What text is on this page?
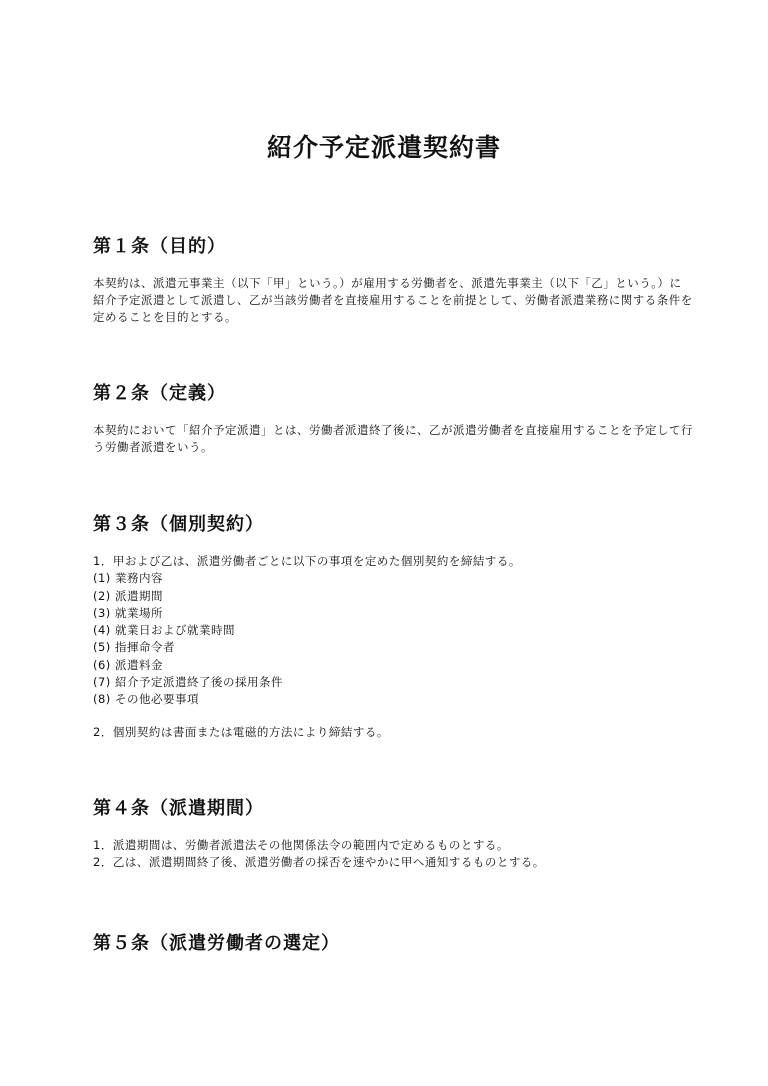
紹介予定派遣契約書
第１条（目的）

本契約は、派遣元事業主（以下「甲」という。）が雇用する労働者を、派遣先事業主（以下「乙」という。）に紹介予定派遣として派遣し、乙が当該労働者を直接雇用することを前提として、労働者派遣業務に関する条件を定めることを目的とする。

第２条（定義）

本契約において「紹介予定派遣」とは、労働者派遣終了後に、乙が派遣労働者を直接雇用することを予定して行う労働者派遣をいう。

第３条（個別契約）
1．甲および乙は、派遣労働者ごとに以下の事項を定めた個別契約を締結する。
(1) 業務内容
(2) 派遣期間
(3) 就業場所
(4) 就業日および就業時間
(5) 指揮命令者
(6) 派遣料金
(7) 紹介予定派遣終了後の採用条件
(8) その他必要事項

2．個別契約は書面または電磁的方法により締結する。

第４条（派遣期間）
1．派遣期間は、労働者派遣法その他関係法令の範囲内で定めるものとする。
2．乙は、派遣期間終了後、派遣労働者の採否を速やかに甲へ通知するものとする。
第５条（派遣労働者の選定）
